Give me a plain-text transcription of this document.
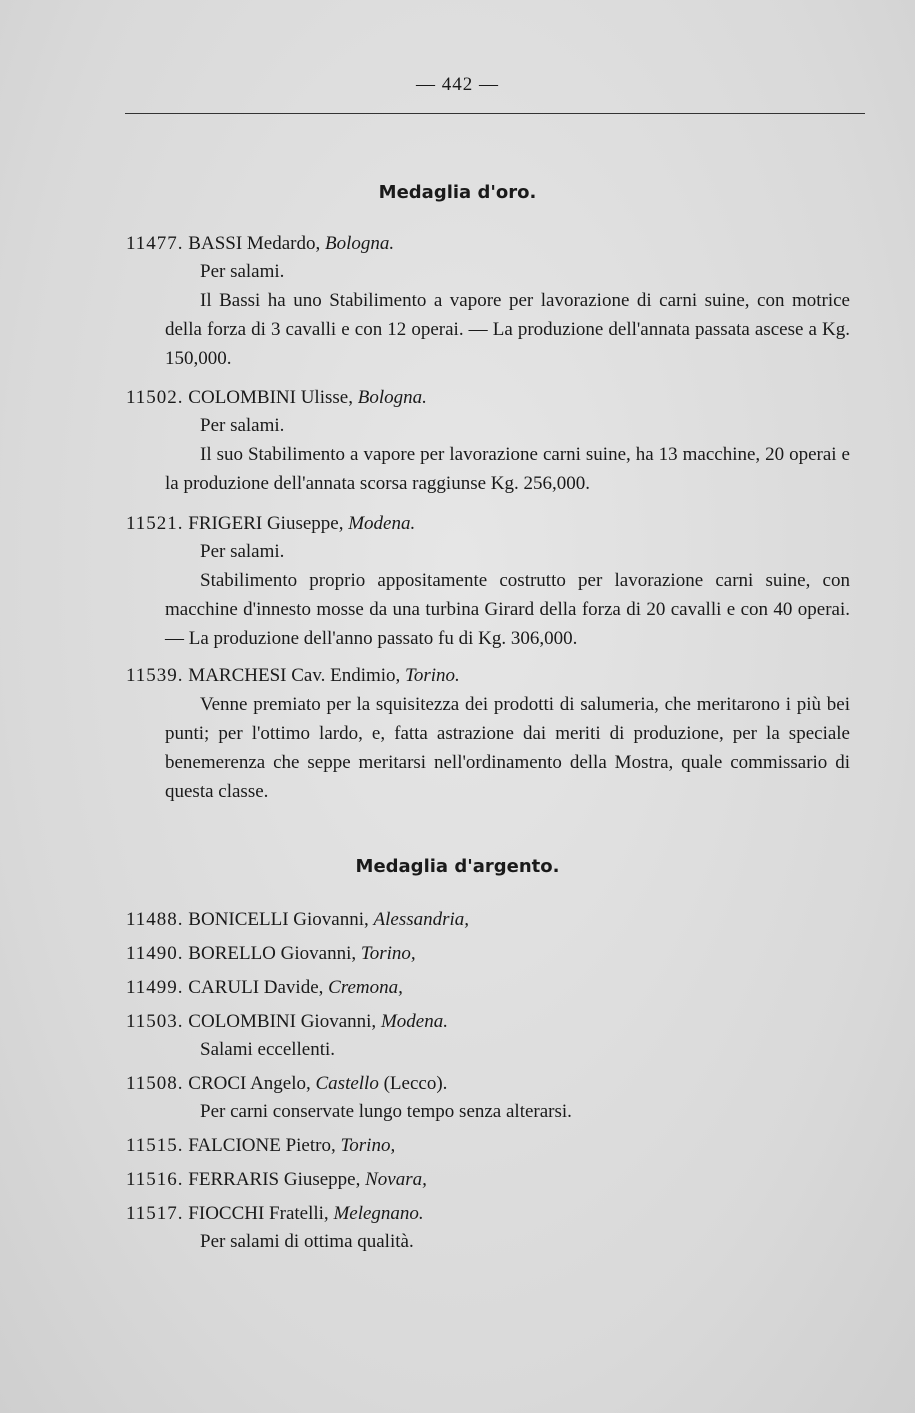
— 442 —
Medaglia d'oro.
11477. BASSI Medardo, Bologna.
Per salami.
Il Bassi ha uno Stabilimento a vapore per lavorazione di carni suine, con motrice della forza di 3 cavalli e con 12 operai. — La produzione dell'annata passata ascese a Kg. 150,000.
11502. COLOMBINI Ulisse, Bologna.
Per salami.
Il suo Stabilimento a vapore per lavorazione carni suine, ha 13 macchine, 20 operai e la produzione dell'annata scorsa raggiunse Kg. 256,000.
11521. FRIGERI Giuseppe, Modena.
Per salami.
Stabilimento proprio appositamente costrutto per lavorazione carni suine, con macchine d'innesto mosse da una turbina Girard della forza di 20 cavalli e con 40 operai. — La produzione dell'anno passato fu di Kg. 306,000.
11539. MARCHESI Cav. Endimio, Torino.
Venne premiato per la squisitezza dei prodotti di salumeria, che meritarono i più bei punti; per l'ottimo lardo, e, fatta astrazione dai meriti di produzione, per la speciale benemerenza che seppe meritarsi nell'ordinamento della Mostra, quale commissario di questa classe.
Medaglia d'argento.
11488. BONICELLI Giovanni, Alessandria,
11490. BORELLO Giovanni, Torino,
11499. CARULI Davide, Cremona,
11503. COLOMBINI Giovanni, Modena.
Salami eccellenti.
11508. CROCI Angelo, Castello (Lecco).
Per carni conservate lungo tempo senza alterarsi.
11515. FALCIONE Pietro, Torino,
11516. FERRARIS Giuseppe, Novara,
11517. FIOCCHI Fratelli, Melegnano.
Per salami di ottima qualità.
